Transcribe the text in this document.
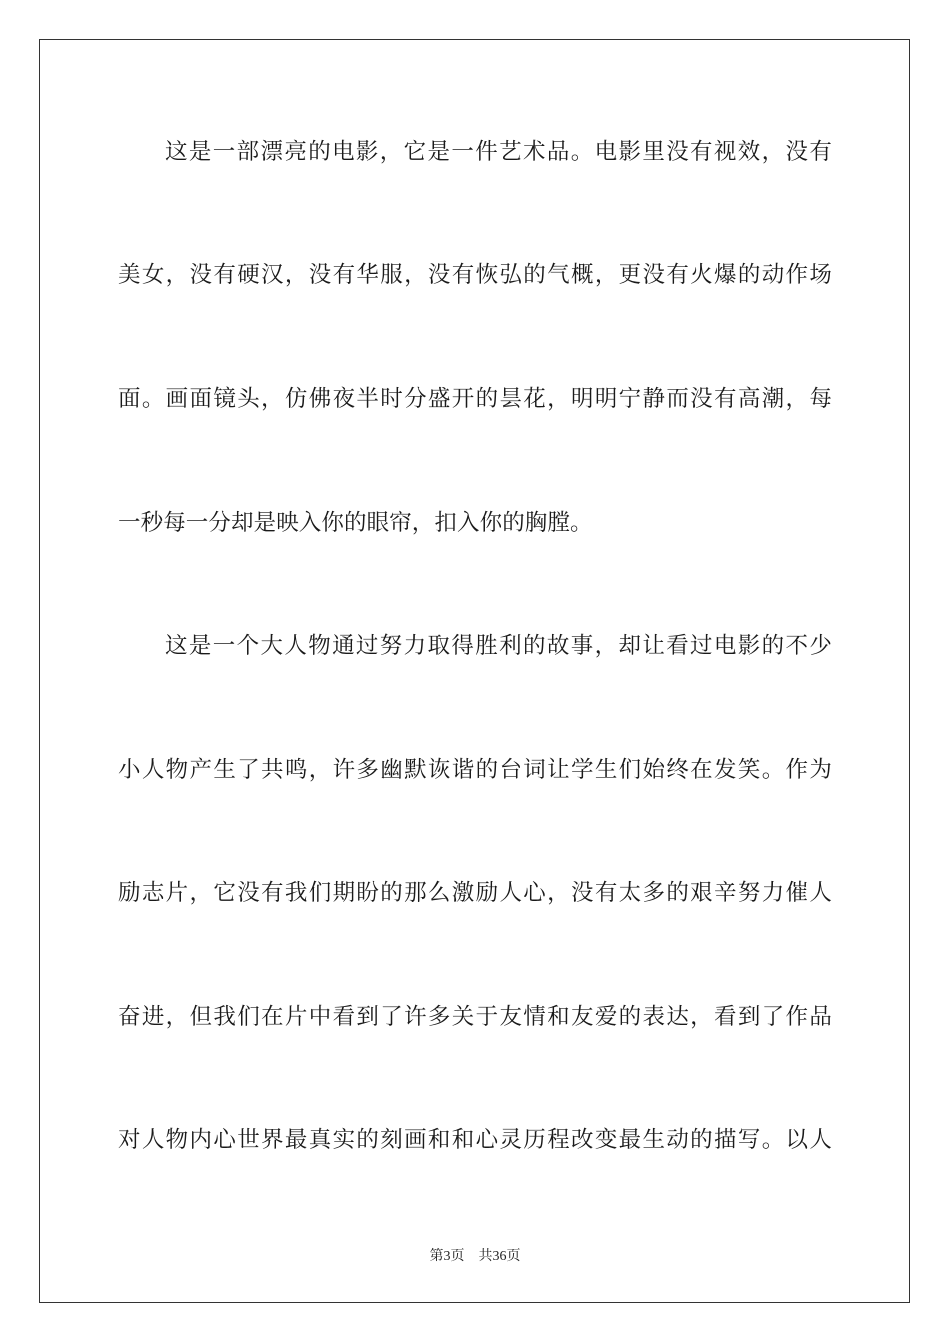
这是一部漂亮的电影，它是一件艺术品。电影里没有视效，没有
美女，没有硬汉，没有华服，没有恢弘的气概，更没有火爆的动作场
面。画面镜头，仿佛夜半时分盛开的昙花，明明宁静而没有高潮，每
一秒每一分却是映入你的眼帘，扣入你的胸膛。
这是一个大人物通过努力取得胜利的故事，却让看过电影的不少
小人物产生了共鸣，许多幽默诙谐的台词让学生们始终在发笑。作为
励志片，它没有我们期盼的那么激励人心，没有太多的艰辛努力催人
奋进，但我们在片中看到了许多关于友情和友爱的表达，看到了作品
对人物内心世界最真实的刻画和和心灵历程改变最生动的描写。以人
第3页 共36页
